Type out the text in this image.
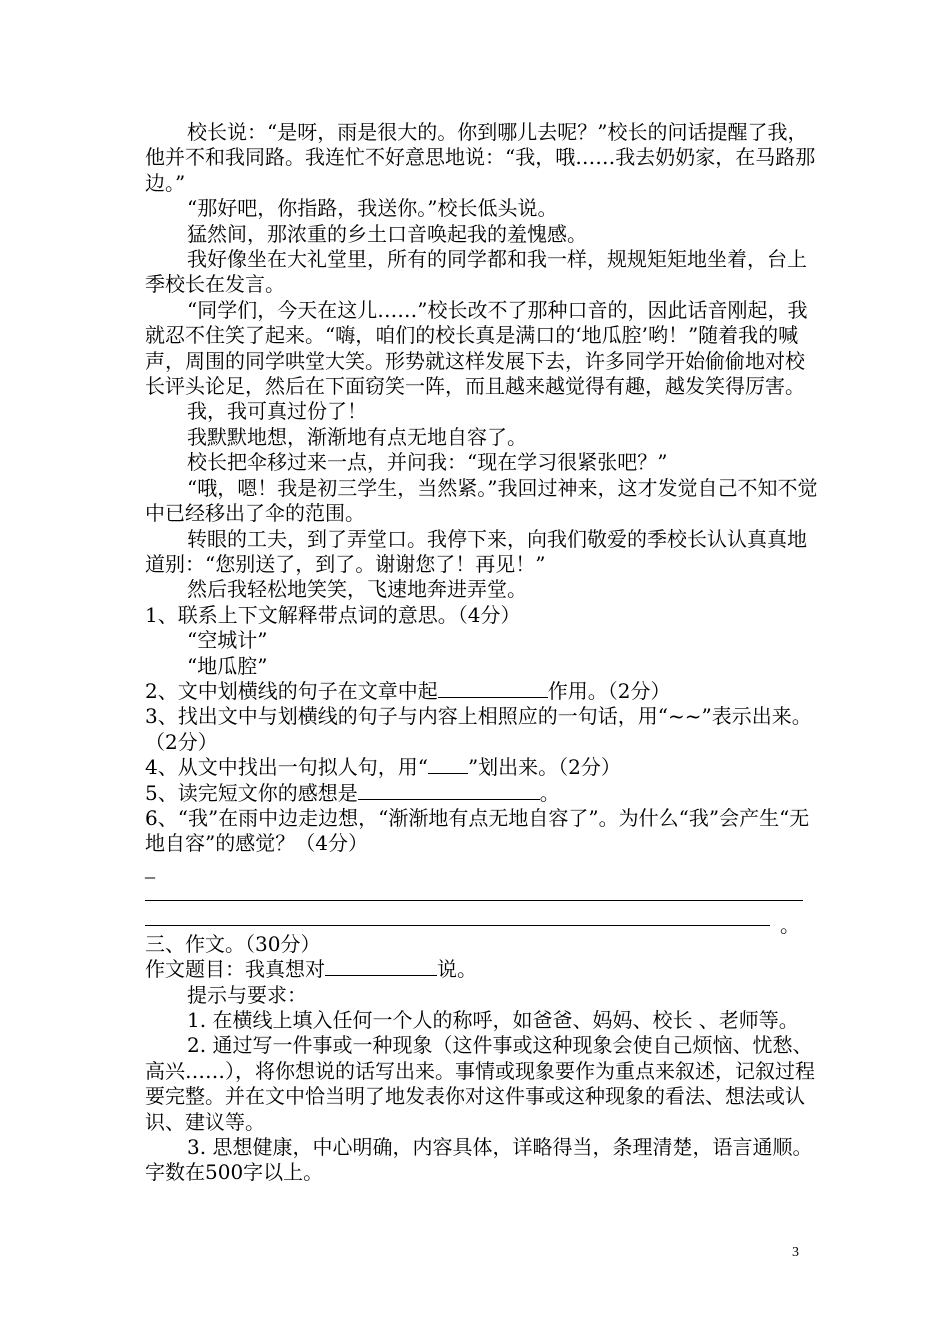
校长说：“是呀，雨是很大的。你到哪儿去呢？”校长的问话提醒了我，他并不和我同路。我连忙不好意思地说：“我，哦……我去奶奶家，在马路那边。”

“那好吧，你指路，我送你。”校长低头说。

猛然间，那浓重的乡土口音唤起我的羞愧感。

我好像坐在大礼堂里，所有的同学都和我一样，规规矩矩地坐着，台上季校长在发言。

“同学们，今天在这儿……”校长改不了那种口音的，因此话音刚起，我就忍不住笑了起来。“嗨，咱们的校长真是满口的‘地瓜腔’哟！”随着我的喊声，周围的同学哄堂大笑。形势就这样发展下去，许多同学开始偷偷地对校长评头论足，然后在下面窃笑一阵，而且越来越觉得有趣，越发笑得厉害。

我，我可真过份了！

我默默地想，渐渐地有点无地自容了。

校长把伞移过来一点，并问我：“现在学习很紧张吧？”

“哦，嗯！我是初三学生，当然紧。”我回过神来，这才发觉自己不知不觉中已经移出了伞的范围。

转眼的工夫，到了弄堂口。我停下来，向我们敬爱的季校长认认真真地道别：“您别送了，到了。谢谢您了！再见！”

然后我轻松地笑笑，飞速地奔进弄堂。

1、联系上下文解释带点词的意思。（4分）

“空城计”

“地瓜腔”

2、文中划横线的句子在文章中起	作用。（2分）

3、找出文中与划横线的句子与内容上相照应的一句话，用“~~”表示出来。（2分）

4、从文中找出一句拟人句，用“ ”划出来。（2分）

5、读完短文你的感想是	。

6、“我”在雨中边走边想，“渐渐地有点无地自容了”。为什么“我”会产生“无地自容”的感觉？（4分）

_
。

三、作文。（30分）

作文题目：我真想对	说。

提示与要求：

1. 在横线上填入任何一个人的称呼，如爸爸、妈妈、校长 、老师等。

2. 通过写一件事或一种现象（这件事或这种现象会使自己烦恼、忧愁、高兴……），将你想说的话写出来。事情或现象要作为重点来叙述，记叙过程要完整。并在文中恰当明了地发表你对这件事或这种现象的看法、想法或认识、建议等。

3. 思想健康，中心明确，内容具体，详略得当，条理清楚，语言通顺。字数在500字以上。

3
